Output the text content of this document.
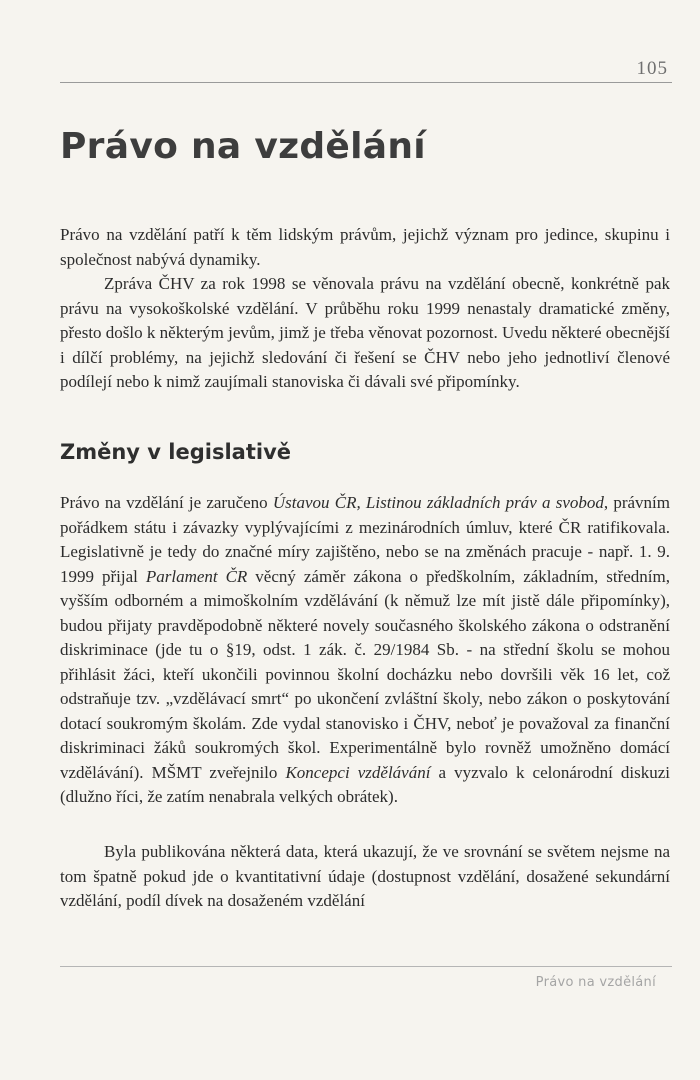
105
Právo na vzdělání

Právo na vzdělání patří k těm lidským právům, jejichž význam pro jedince, skupinu i společnost nabývá dynamiky.

Zpráva ČHV za rok 1998 se věnovala právu na vzdělání obecně, konkrétně pak právu na vysokoškolské vzdělání. V průběhu roku 1999 nenastaly dramatické změny, přesto došlo k některým jevům, jimž je třeba věnovat pozornost. Uvedu některé obecnější i dílčí problémy, na jejichž sledování či řešení se ČHV nebo jeho jednotliví členové podílejí nebo k nimž zaujímali stanoviska či dávali své připomínky.

Změny v legislativě

Právo na vzdělání je zaručeno Ústavou ČR, Listinou základních práv a svobod, právním pořádkem státu i závazky vyplývajícími z mezinárodních úmluv, které ČR ratifikovala. Legislativně je tedy do značné míry zajištěno, nebo se na změnách pracuje - např. 1. 9. 1999 přijal Parlament ČR věcný záměr zákona o předškolním, základním, středním, vyšším odborném a mimoškolním vzdělávání (k němuž lze mít jistě dále připomínky), budou přijaty pravděpodobně některé novely současného školského zákona o odstranění diskriminace (jde tu o §19, odst. 1 zák. č. 29/1984 Sb. - na střední školu se mohou přihlásit žáci, kteří ukončili povinnou školní docházku nebo dovršili věk 16 let, což odstraňuje tzv. „vzdělávací smrt“ po ukončení zvláštní školy, nebo zákon o poskytování dotací soukromým školám. Zde vydal stanovisko i ČHV, neboť je považoval za finanční diskriminaci žáků soukromých škol. Experimentálně bylo rovněž umožněno domácí vzdělávání). MŠMT zveřejnilo Koncepci vzdělávání a vyzvalo k celonárodní diskuzi (dlužno říci, že zatím nenabrala velkých obrátek).

Byla publikována některá data, která ukazují, že ve srovnání se světem nejsme na tom špatně pokud jde o kvantitativní údaje (dostupnost vzdělání, dosažené sekundární vzdělání, podíl dívek na dosaženém vzdělání

Právo na vzdělání
